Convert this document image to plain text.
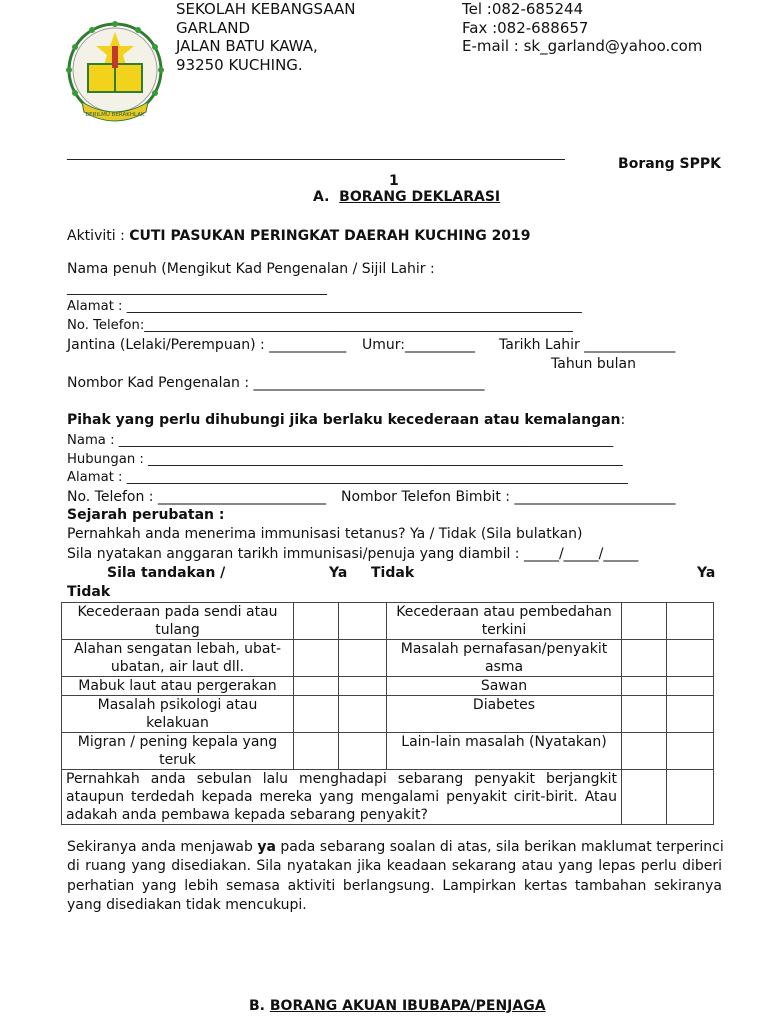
BERILMU BERAKHLAK
SEKOLAH KEBANGSAAN
GARLAND
JALAN BATU KAWA,
93250 KUCHING.
Tel :082-685244
Fax :082-688657
E-mail : sk_garland@yahoo.com
_______________________________________________________________________________
Borang SPPK
1
A. BORANG DEKLARASI
Aktiviti : CUTI PASUKAN PERINGKAT DAERAH KUCHING 2019
Nama penuh (Mengikut Kad Pengenalan / Sijil Lahir :
________________________________________
Alamat : _____________________________________________________________________
No. Telefon:_________________________________________________________________
Jantina (Lelaki/Perempuan) : ___________ Umur:__________ Tarikh Lahir _____________
Tahun bulan
Nombor Kad Pengenalan : _________________________________
Pihak yang perlu dihubungi jika berlaku kecederaan atau kemalangan:
Nama : ___________________________________________________________________________
Hubungan : ________________________________________________________________________
Alamat : ____________________________________________________________________________
No. Telefon : ________________________ Nombor Telefon Bimbit : _______________________
Sejarah perubatan :
Pernahkah anda menerima immunisasi tetanus? Ya / Tidak (Sila bulatkan)
Sila nyatakan anggaran tarikh immunisasi/penuja yang diambil : _____/_____/_____
Sila tandakan /	Ya Tidak	Ya
Tidak
Kecederaan pada sendi atau tulang			Kecederaan atau pembedahan terkini		
Alahan sengatan lebah, ubat-ubatan, air laut dll.			Masalah pernafasan/penyakit asma		
Mabuk laut atau pergerakan			Sawan		
Masalah psikologi atau kelakuan			Diabetes		
Migran / pening kepala yang teruk			Lain-lain masalah (Nyatakan)		

Pernahkah anda sebulan lalu menghadapi sebarang penyakit berjangkit
ataupun terdedah kepada mereka yang mengalami penyakit cirit-birit. Atau
adakah anda pembawa kepada sebarang penyakit?					

Sekiranya anda menjawab ya pada sebarang soalan di atas, sila berikan maklumat terperinci
di ruang yang disediakan. Sila nyatakan jika keadaan sekarang atau yang lepas perlu diberi
perhatian yang lebih semasa aktiviti berlangsung. Lampirkan kertas tambahan sekiranya
yang disediakan tidak mencukupi.
B. BORANG AKUAN IBUBAPA/PENJAGA
